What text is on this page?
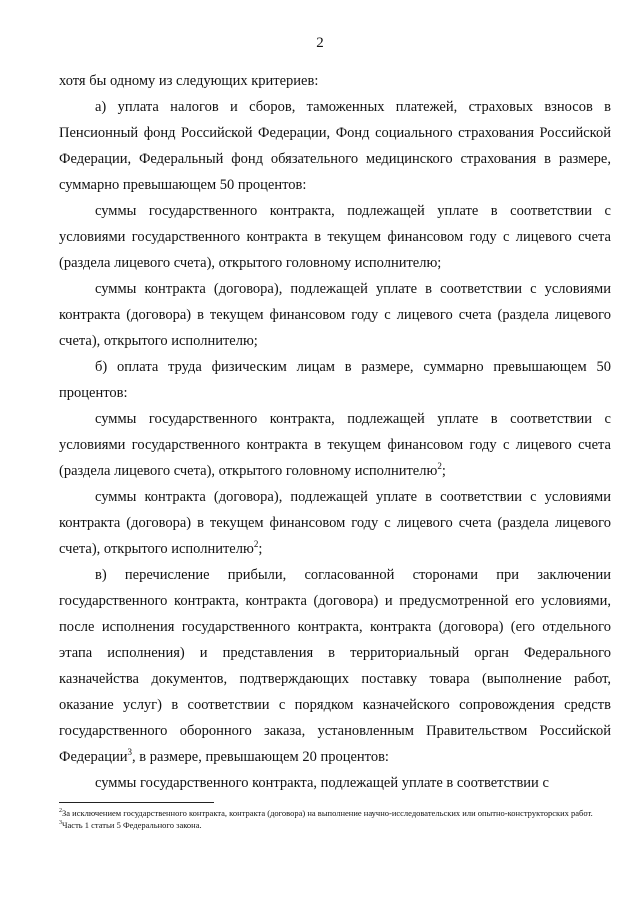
2

хотя бы одному из следующих критериев:

а) уплата налогов и сборов, таможенных платежей, страховых взносов в Пенсионный фонд Российской Федерации, Фонд социального страхования Российской Федерации, Федеральный фонд обязательного медицинского страхования в размере, суммарно превышающем 50 процентов:

суммы государственного контракта, подлежащей уплате в соответствии с условиями государственного контракта в текущем финансовом году с лицевого счета (раздела лицевого счета), открытого головному исполнителю;

суммы контракта (договора), подлежащей уплате в соответствии с условиями контракта (договора) в текущем финансовом году с лицевого счета (раздела лицевого счета), открытого исполнителю;

б) оплата труда физическим лицам в размере, суммарно превышающем 50 процентов:

суммы государственного контракта, подлежащей уплате в соответствии с условиями государственного контракта в текущем финансовом году с лицевого счета (раздела лицевого счета), открытого головному исполнителю$^2$;

суммы контракта (договора), подлежащей уплате в соответствии с условиями контракта (договора) в текущем финансовом году с лицевого счета (раздела лицевого счета), открытого исполнителю$^2$;

в) перечисление прибыли, согласованной сторонами при заключении государственного контракта, контракта (договора) и предусмотренной его условиями, после исполнения государственного контракта, контракта (договора) (его отдельного этапа исполнения) и представления в территориальный орган Федерального казначейства документов, подтверждающих поставку товара (выполнение работ, оказание услуг) в соответствии с порядком казначейского сопровождения средств государственного оборонного заказа, установленным Правительством Российской Федерации$^3$, в размере, превышающем 20 процентов:

суммы государственного контракта, подлежащей уплате в соответствии с

$^2$За исключением государственного контракта, контракта (договора) на выполнение научно-исследовательских или опытно-конструкторских работ.

$^3$Часть 1 статьи 5 Федерального закона.
